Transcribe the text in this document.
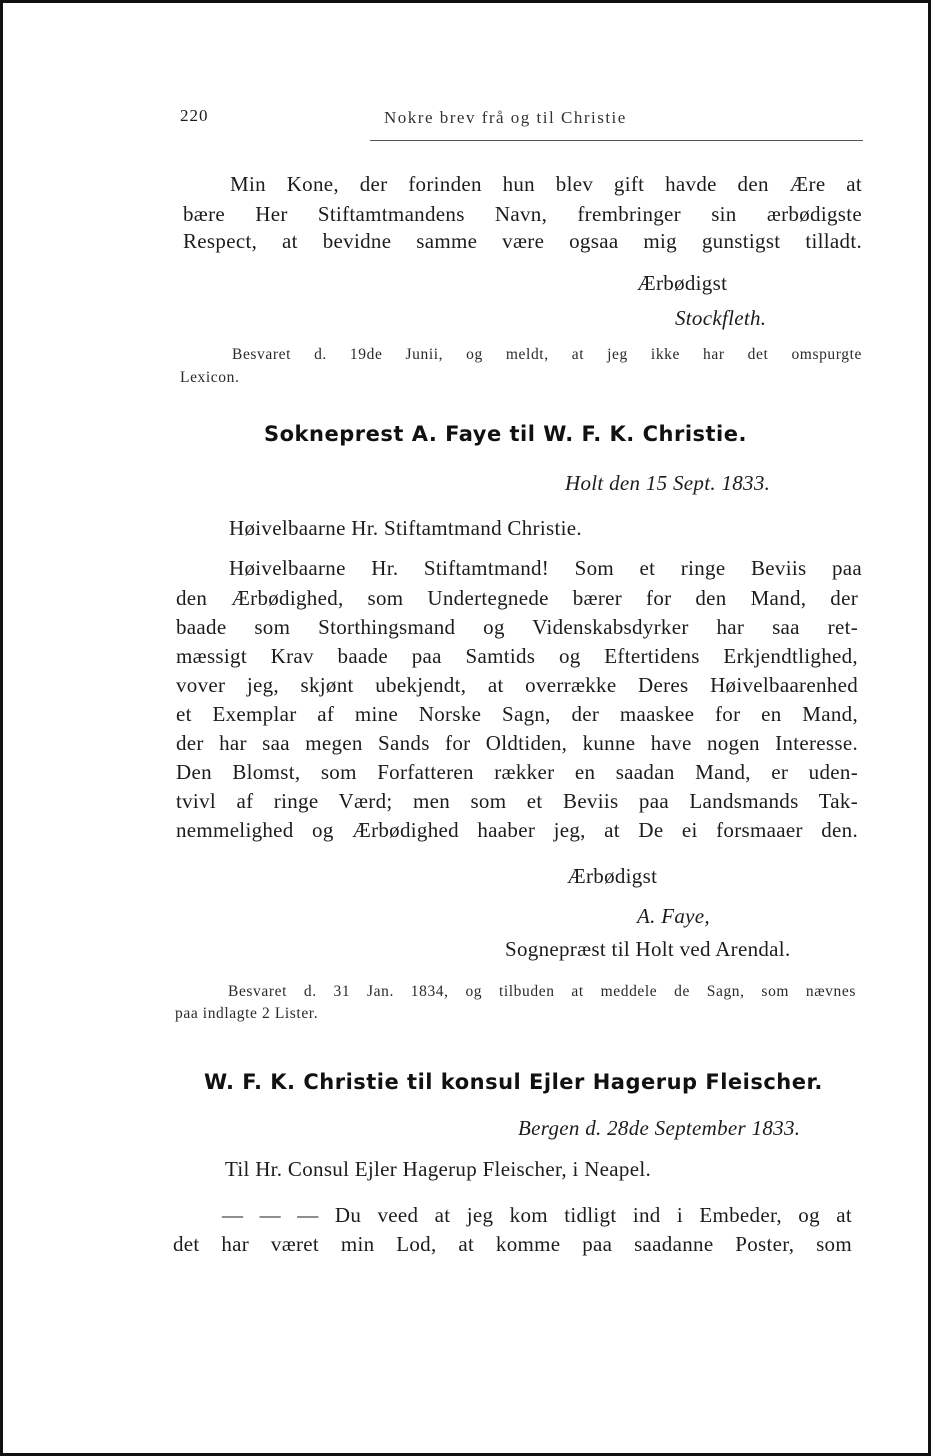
220	Nokre brev frå og til Christie
Min Kone, der forinden hun blev gift havde den Ære at
bære Her Stiftamtmandens Navn, frembringer sin ærbødigste
Respect, at bevidne samme være ogsaa mig gunstigst tilladt.
Ærbødigst
Stockfleth.
Besvaret d. 19de Junii, og meldt, at jeg ikke har det omspurgte
Lexicon.
Sokneprest A. Faye til W. F. K. Christie.
Holt den 15 Sept. 1833.
Høivelbaarne Hr. Stiftamtmand Christie.
Høivelbaarne Hr. Stiftamtmand! Som et ringe Beviis paa
den Ærbødighed, som Undertegnede bærer for den Mand, der
baade som Storthingsmand og Videnskabsdyrker har saa ret-
mæssigt Krav baade paa Samtids og Eftertidens Erkjendtlighed,
vover jeg, skjønt ubekjendt, at overrække Deres Høivelbaarenhed
et Exemplar af mine Norske Sagn, der maaskee for en Mand,
der har saa megen Sands for Oldtiden, kunne have nogen Interesse.
Den Blomst, som Forfatteren rækker en saadan Mand, er uden-
tvivl af ringe Værd; men som et Beviis paa Landsmands Tak-
nemmelighed og Ærbødighed haaber jeg, at De ei forsmaaer den.
Ærbødigst
A. Faye,
Sognepræst til Holt ved Arendal.
Besvaret d. 31 Jan. 1834, og tilbuden at meddele de Sagn, som nævnes
paa indlagte 2 Lister.
W. F. K. Christie til konsul Ejler Hagerup Fleischer.
Bergen d. 28de September 1833.
Til Hr. Consul Ejler Hagerup Fleischer, i Neapel.
— — — Du veed at jeg kom tidligt ind i Embeder, og at
det har været min Lod, at komme paa saadanne Poster, som
